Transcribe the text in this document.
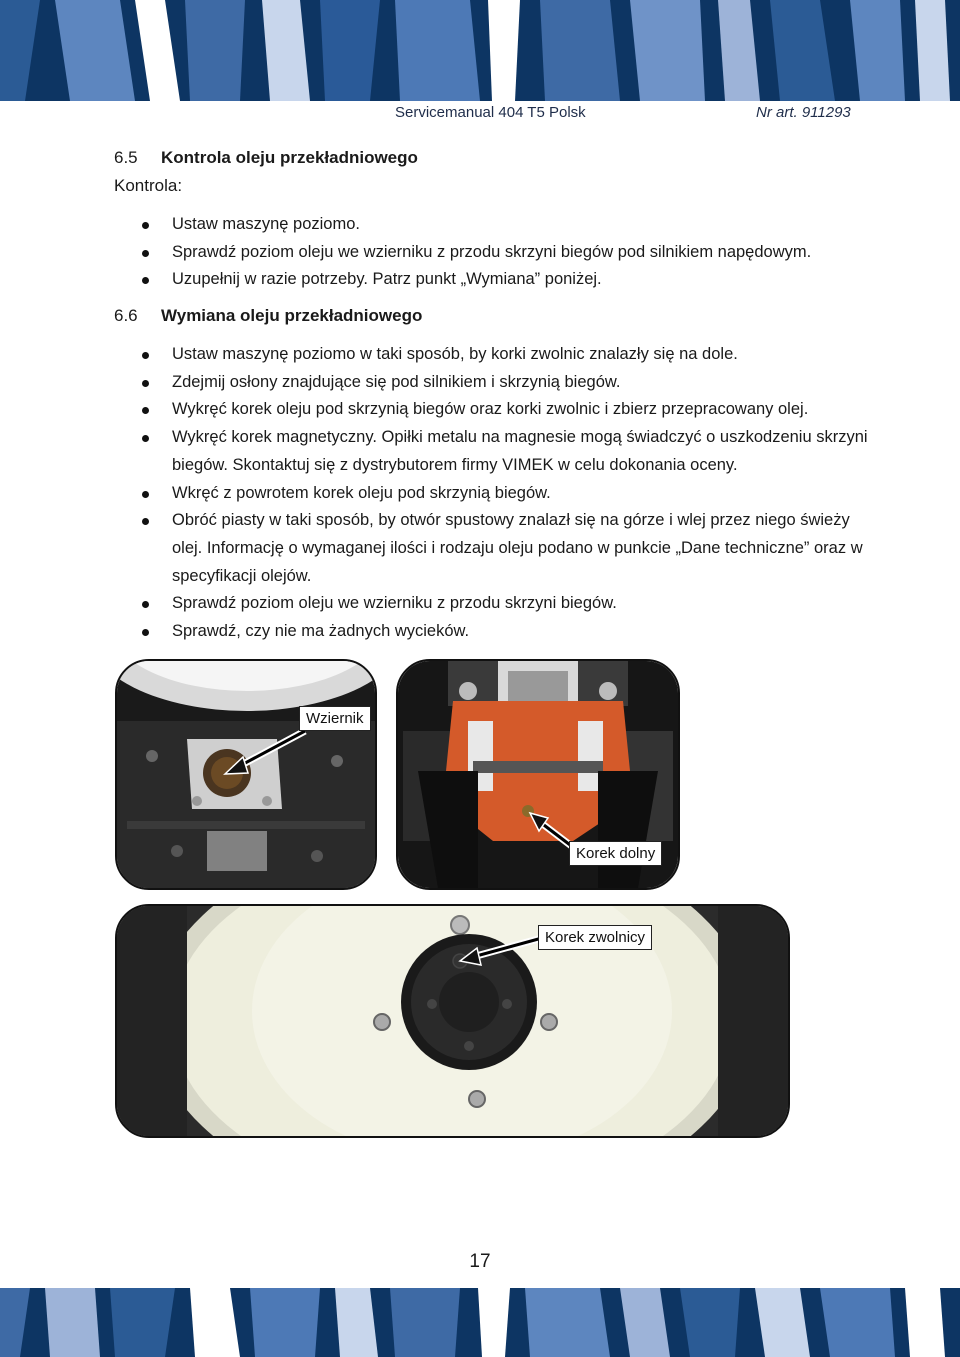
Servicemanual 404 T5 Polsk	Nr art. 911293
6.5 Kontrola oleju przekładniowego
Kontrola:
Ustaw maszynę poziomo.
Sprawdź poziom oleju we wzierniku z przodu skrzyni biegów pod silnikiem napędowym.
Uzupełnij w razie potrzeby. Patrz punkt „Wymiana” poniżej.
6.6 Wymiana oleju przekładniowego
Ustaw maszynę poziomo w taki sposób, by korki zwolnic znalazły się na dole.
Zdejmij osłony znajdujące się pod silnikiem i skrzynią biegów.
Wykręć korek oleju pod skrzynią biegów oraz korki zwolnic i zbierz przepracowany olej.
Wykręć korek magnetyczny. Opiłki metalu na magnesie mogą świadczyć o uszkodzeniu skrzyni biegów. Skontaktuj się z dystrybutorem firmy VIMEK w celu dokonania oceny.
Wkręć z powrotem korek oleju pod skrzynią biegów.
Obróć piasty w taki sposób, by otwór spustowy znalazł się na górze i wlej przez niego świeży olej. Informację o wymaganej ilości i rodzaju oleju podano w punkcie „Dane techniczne” oraz w specyfikacji olejów.
Sprawdź poziom oleju we wzierniku z przodu skrzyni biegów.
Sprawdź, czy nie ma żadnych wycieków.
Wziernik
Korek dolny
Korek zwolnicy
17
